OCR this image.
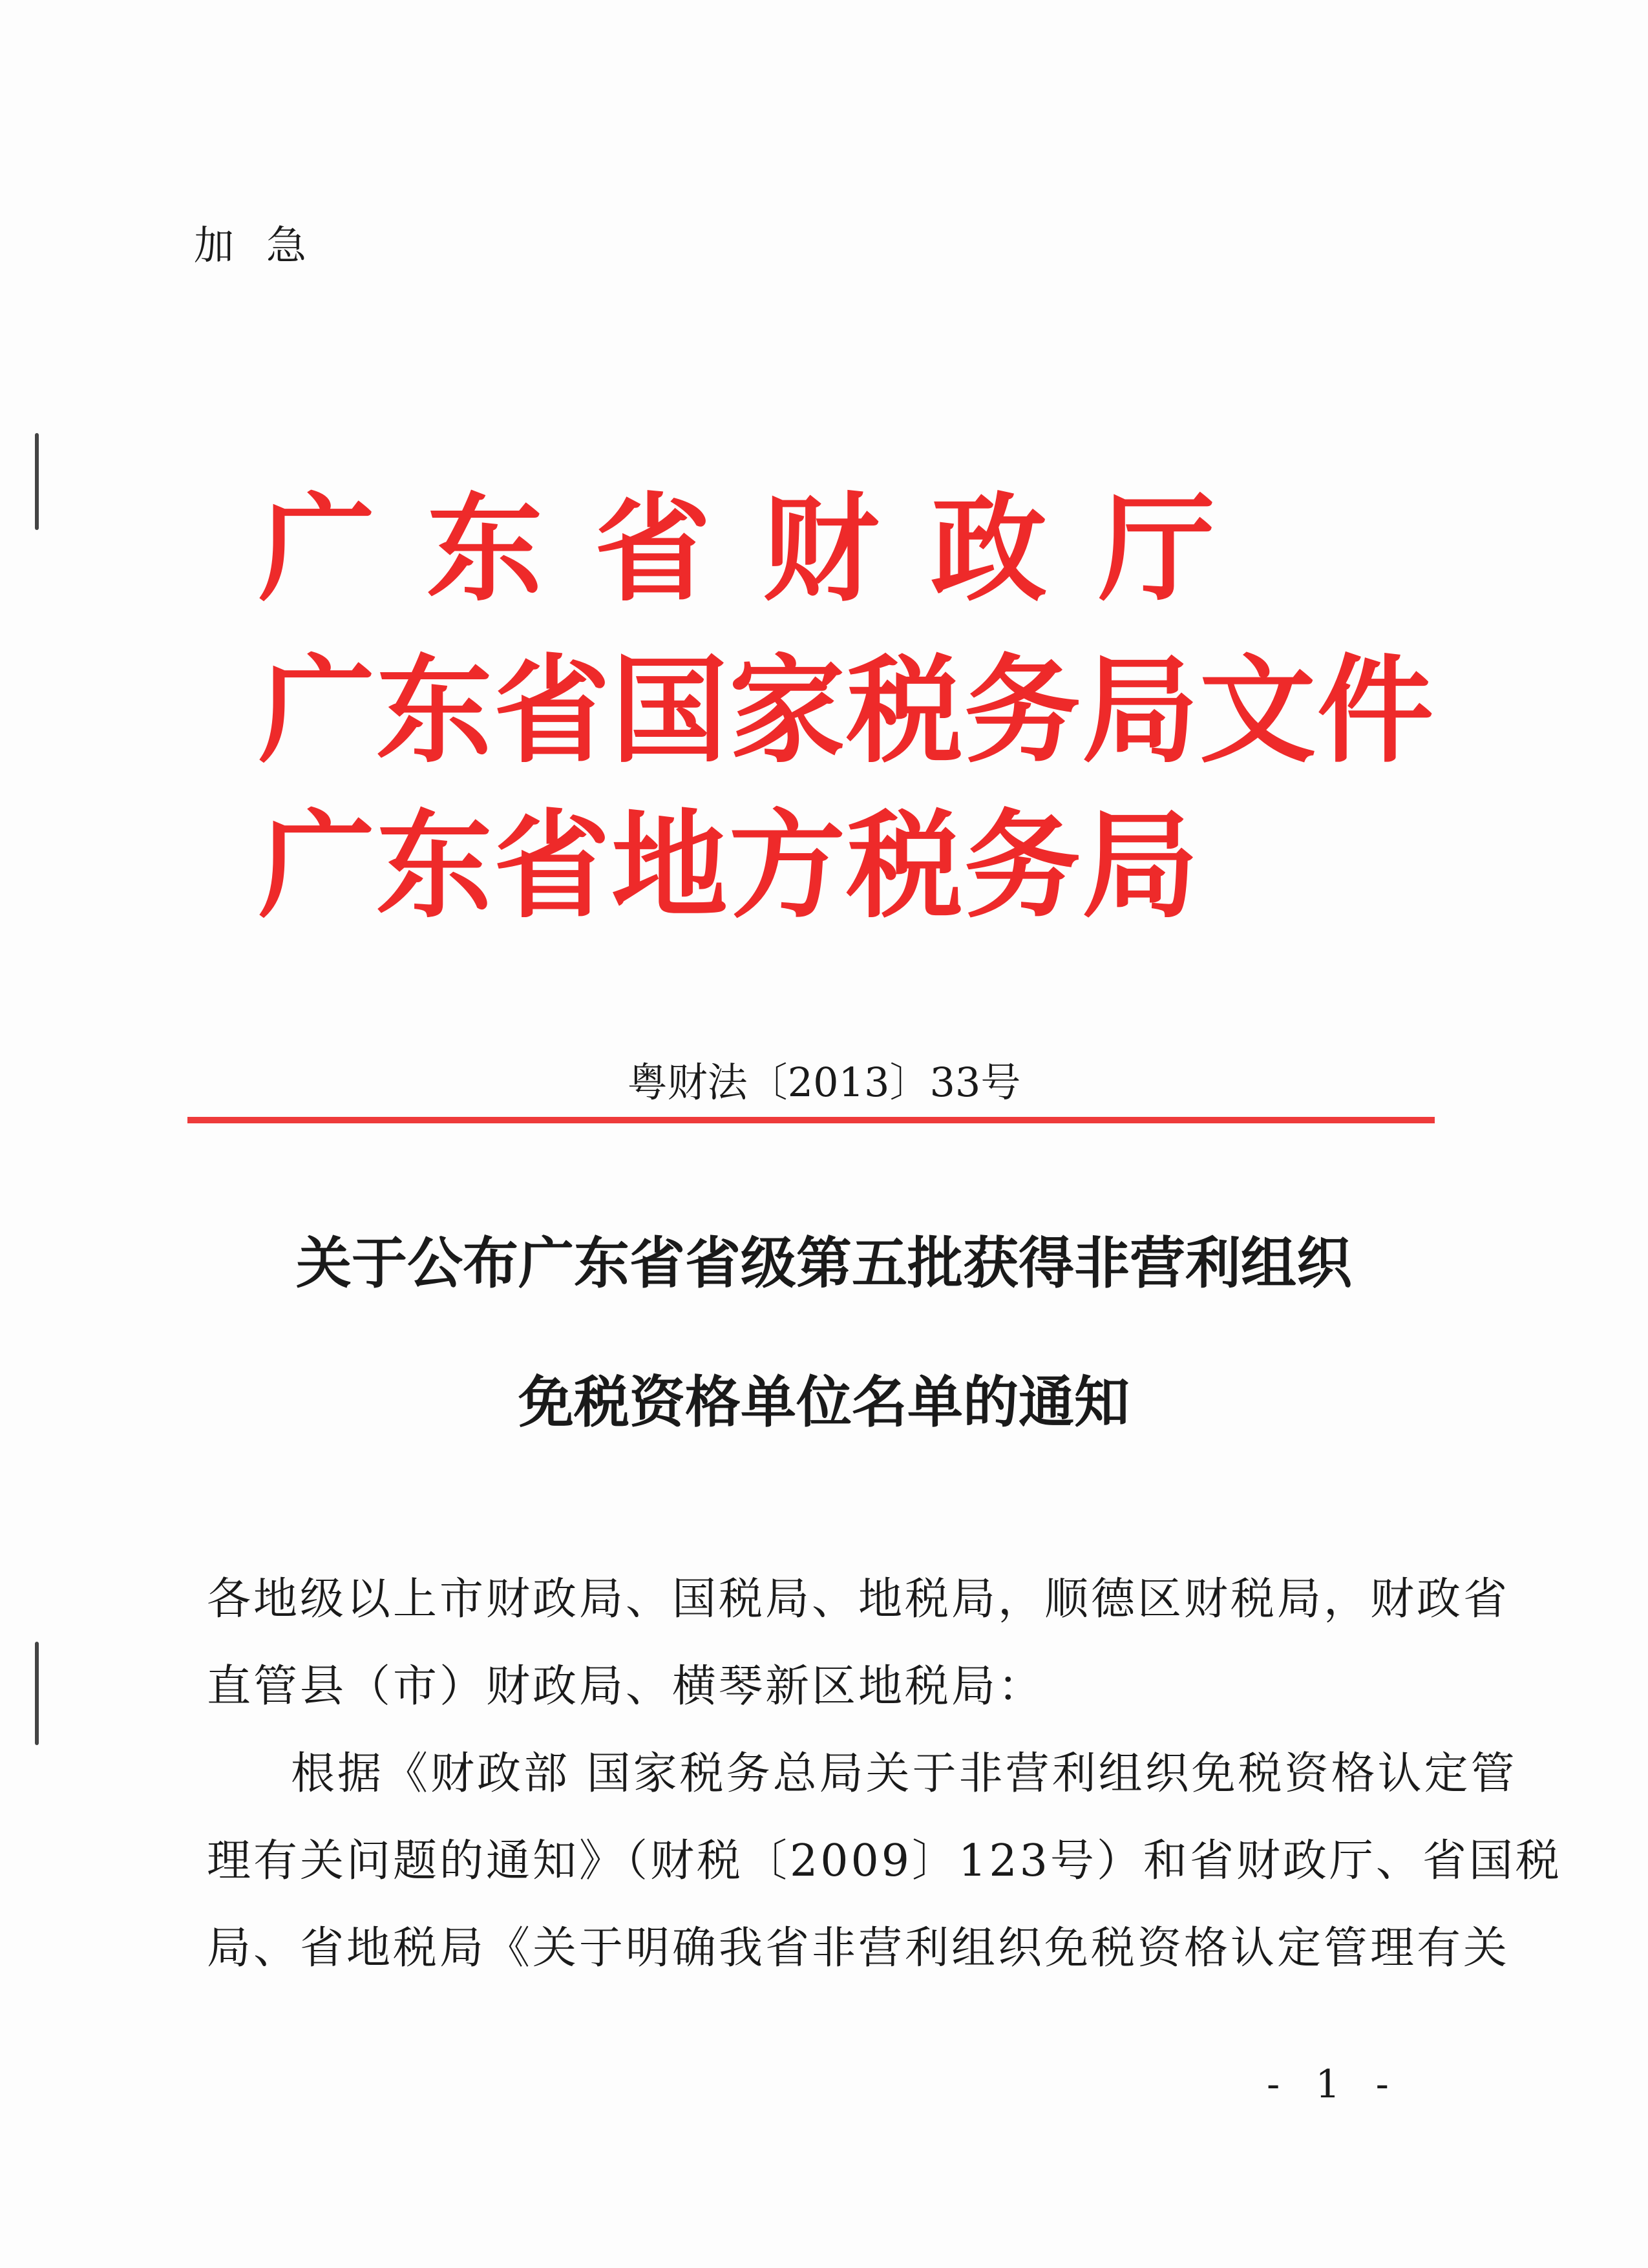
加急
广东省财政厅
广东省国家税务局文件
广东省地方税务局
粤财法〔2013〕33号
关于公布广东省省级第五批获得非营利组织
免税资格单位名单的通知
各地级以上市财政局、国税局、地税局，顺德区财税局，财政省
直管县（市）财政局、横琴新区地税局：
根据《财政部 国家税务总局关于非营利组织免税资格认定管
理有关问题的通知》（财税〔2009〕123号）和省财政厅、省国税
局、省地税局《关于明确我省非营利组织免税资格认定管理有关
- 1 -
